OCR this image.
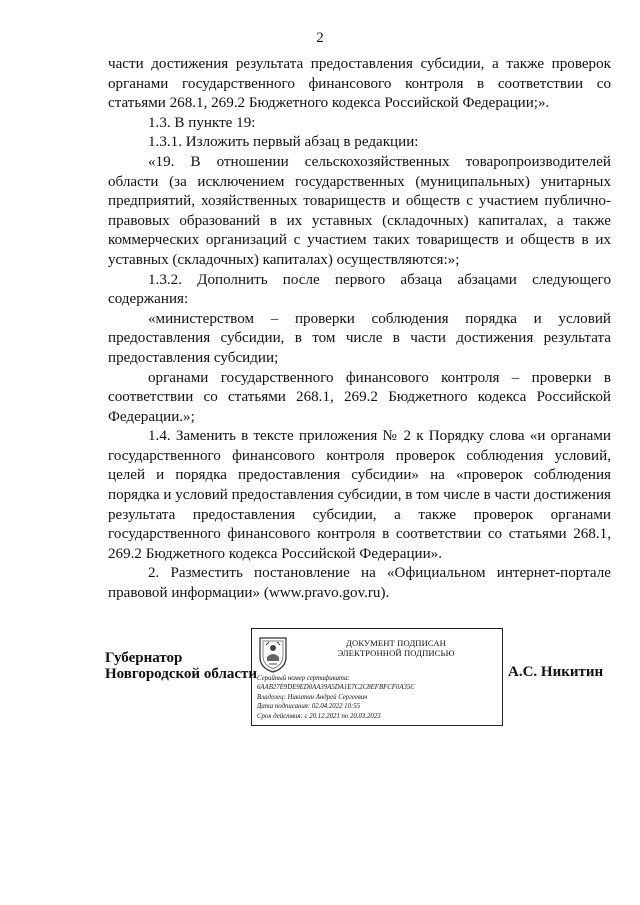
2

части достижения результата предоставления субсидии, а также проверок органами государственного финансового контроля в соответствии со статьями 268.1, 269.2 Бюджетного кодекса Российской Федерации;».

1.3. В пункте 19:

1.3.1. Изложить первый абзац в редакции:

«19. В отношении сельскохозяйственных товаропроизводителей области (за исключением государственных (муниципальных) унитарных предприятий, хозяйственных товариществ и обществ с участием публично-правовых образований в их уставных (складочных) капиталах, а также коммерческих организаций с участием таких товариществ и обществ в их уставных (складочных) капиталах) осуществляются:»;

1.3.2. Дополнить после первого абзаца абзацами следующего содержания:

«министерством – проверки соблюдения порядка и условий предоставления субсидии, в том числе в части достижения результата предоставления субсидии;

органами государственного финансового контроля – проверки в соответствии со статьями 268.1, 269.2 Бюджетного кодекса Российской Федерации.»;

1.4. Заменить в тексте приложения № 2 к Порядку слова «и органами государственного финансового контроля проверок соблюдения условий, целей и порядка предоставления субсидии» на «проверок соблюдения порядка и условий предоставления субсидии, в том числе в части достижения результата предоставления субсидии, а также проверок органами государственного финансового контроля в соответствии со статьями 268.1, 269.2 Бюджетного кодекса Российской Федерации».

2. Разместить постановление на «Официальном интернет-портале правовой информации» (www.pravo.gov.ru).

Губернатор
Новгородской области
ДОКУМЕНТ ПОДПИСАН
ЭЛЕКТРОННОЙ ПОДПИСЬЮ
Серийный номер сертификата:
6AAB27E9DE9ED0AA39A5DA1E7C2C8EFBFCF0A35C
Владелец: Никитин Андрей Сергеевич
Дата подписания: 02.04.2022 10:55
Срок действия: с 20.12.2021 по 20.03.2023
А.С. Никитин
